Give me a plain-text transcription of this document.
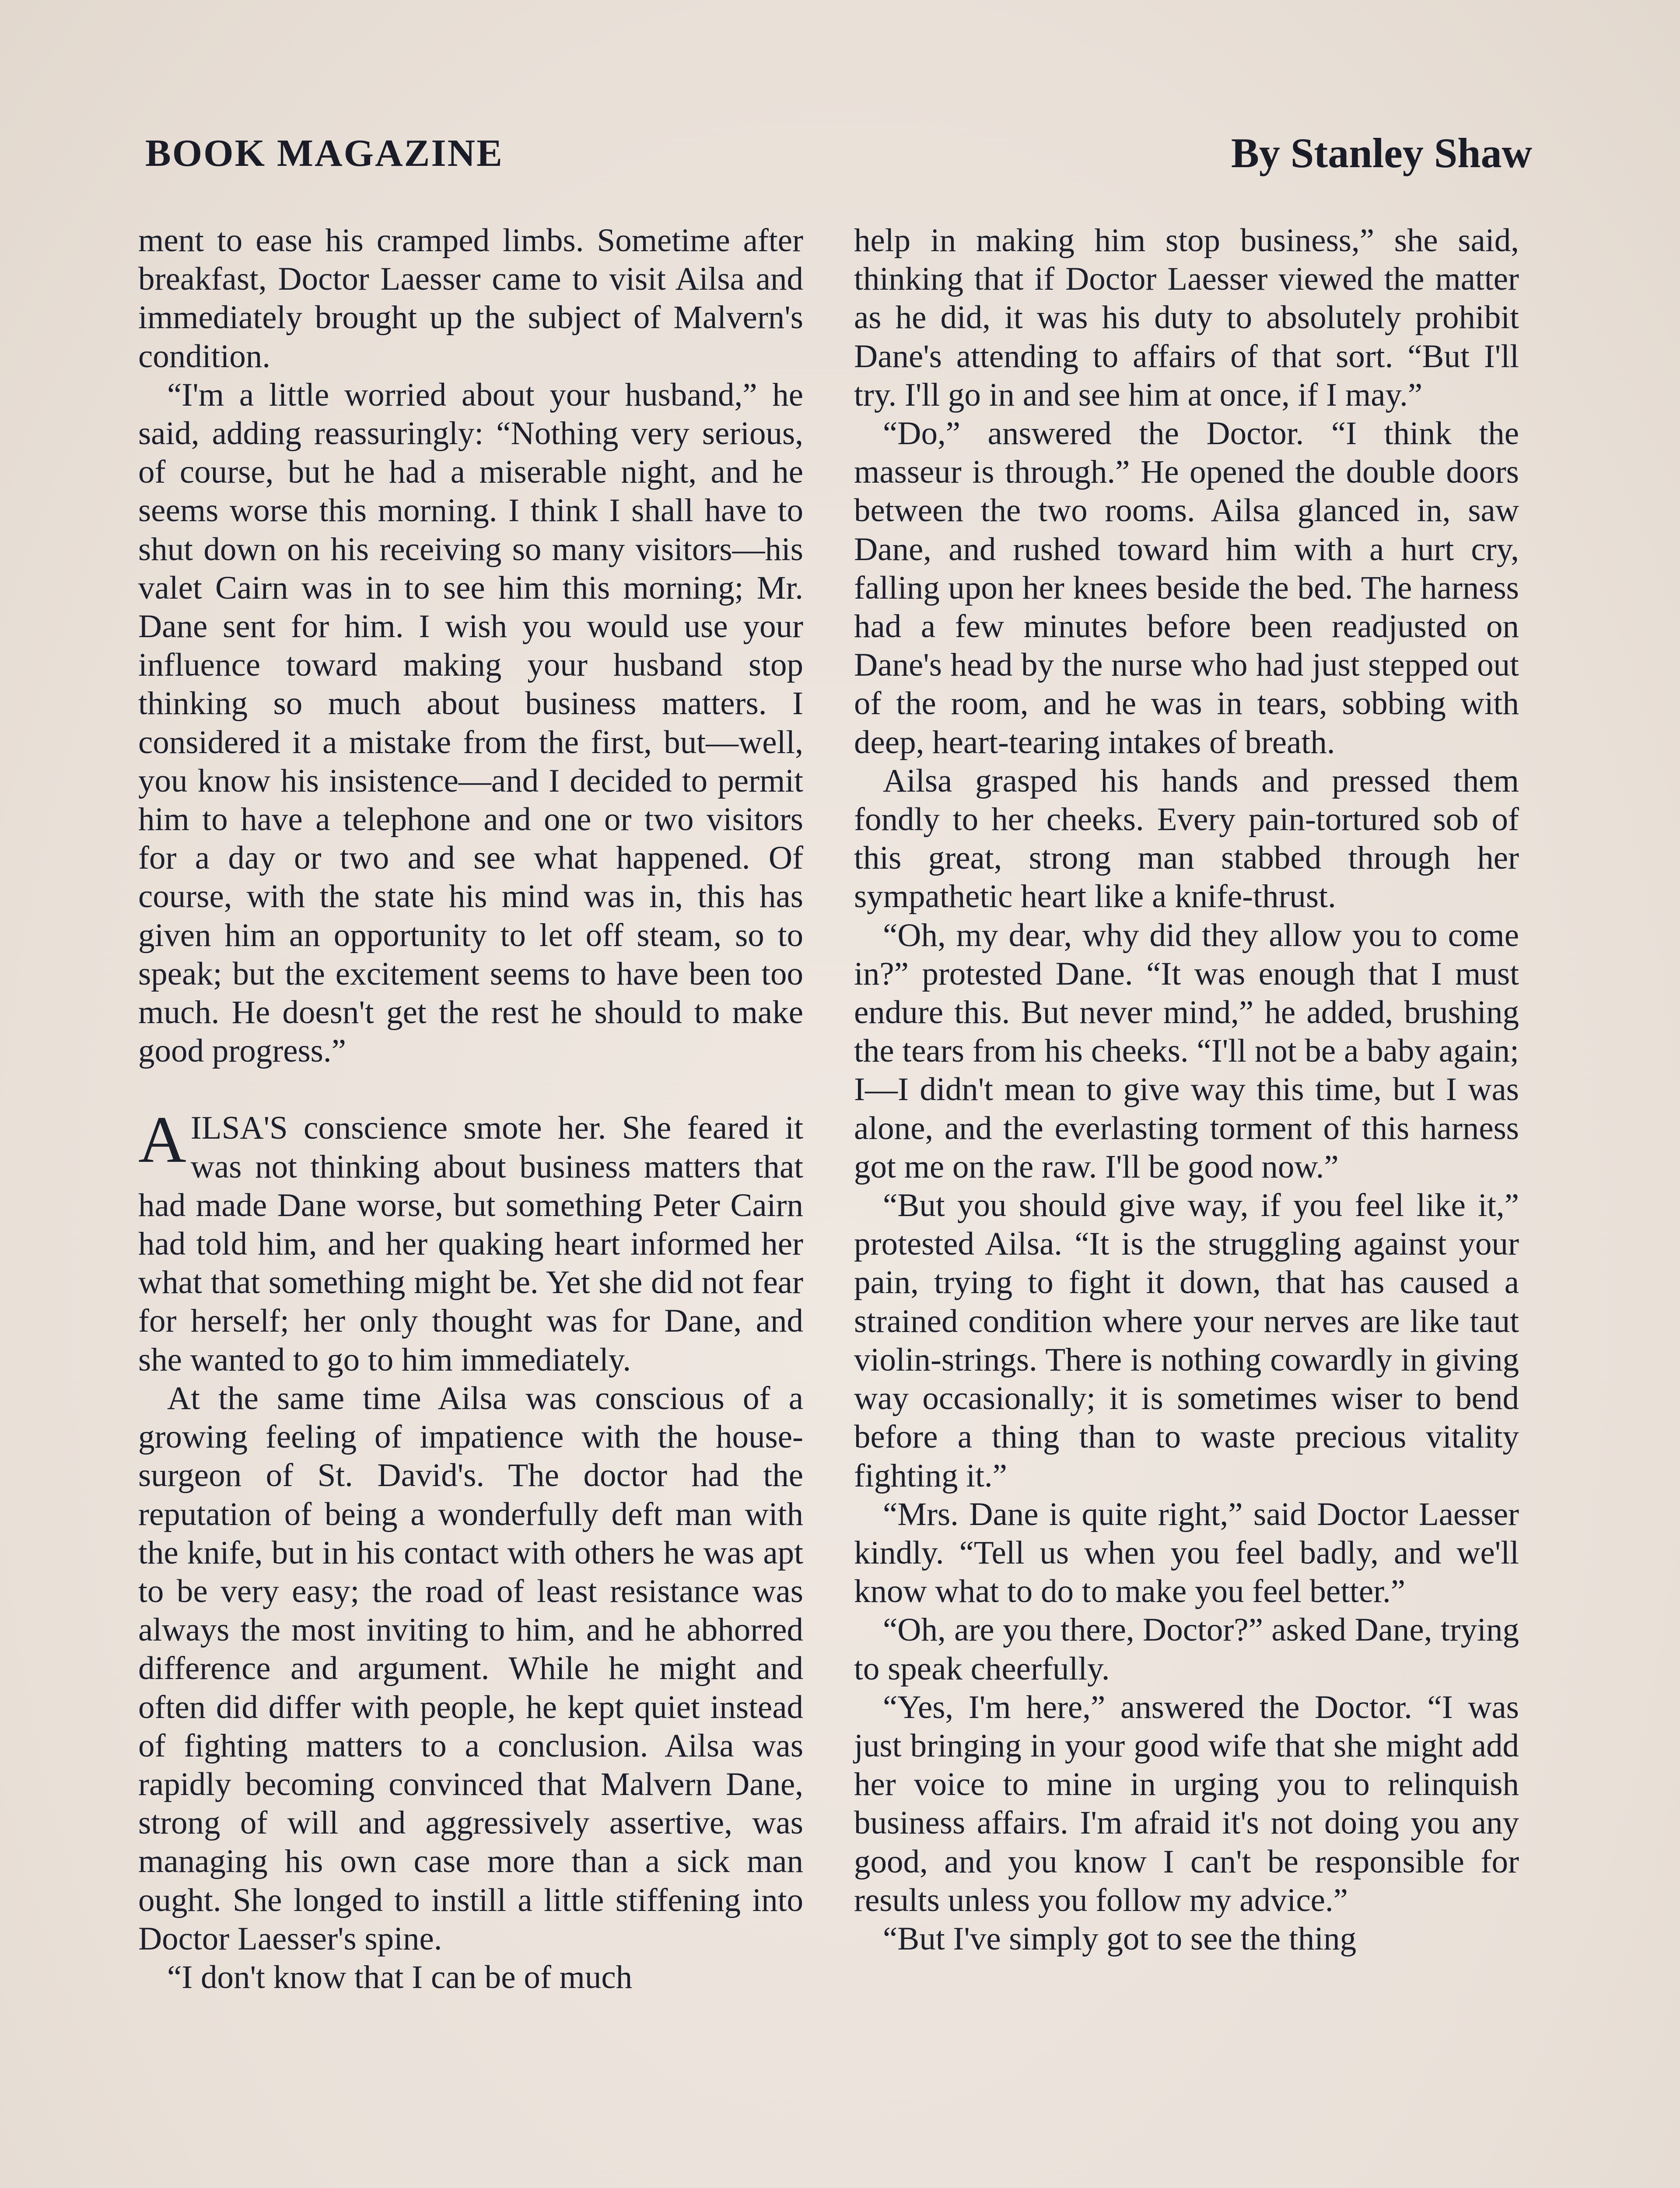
BOOK MAGAZINE	By Stanley Shaw

ment to ease his cramped limbs. Sometime after breakfast, Doctor Laesser came to visit Ailsa and immediately brought up the subject of Malvern's condition.

“I'm a little worried about your husband,” he said, adding reassuringly: “Nothing very serious, of course, but he had a miserable night, and he seems worse this morning. I think I shall have to shut down on his receiving so many visitors—his valet Cairn was in to see him this morning; Mr. Dane sent for him. I wish you would use your influence toward making your husband stop thinking so much about business matters. I considered it a mistake from the first, but—well, you know his insistence—and I decided to permit him to have a telephone and one or two visitors for a day or two and see what happened. Of course, with the state his mind was in, this has given him an opportunity to let off steam, so to speak; but the excitement seems to have been too much. He doesn't get the rest he should to make good progress.”

AILSA'S conscience smote her. She feared it was not thinking about business matters that had made Dane worse, but something Peter Cairn had told him, and her quaking heart informed her what that something might be. Yet she did not fear for herself; her only thought was for Dane, and she wanted to go to him immediately.

At the same time Ailsa was conscious of a growing feeling of impatience with the house-surgeon of St. David's. The doctor had the reputation of being a wonderfully deft man with the knife, but in his contact with others he was apt to be very easy; the road of least resistance was always the most inviting to him, and he abhorred difference and argument. While he might and often did differ with people, he kept quiet instead of fighting matters to a conclusion. Ailsa was rapidly becoming convinced that Malvern Dane, strong of will and aggressively assertive, was managing his own case more than a sick man ought. She longed to instill a little stiffening into Doctor Laesser's spine.

“I don't know that I can be of much

help in making him stop business,” she said, thinking that if Doctor Laesser viewed the matter as he did, it was his duty to absolutely prohibit Dane's attending to affairs of that sort. “But I'll try. I'll go in and see him at once, if I may.”

“Do,” answered the Doctor. “I think the masseur is through.” He opened the double doors between the two rooms. Ailsa glanced in, saw Dane, and rushed toward him with a hurt cry, falling upon her knees beside the bed. The harness had a few minutes before been readjusted on Dane's head by the nurse who had just stepped out of the room, and he was in tears, sobbing with deep, heart-tearing intakes of breath.

Ailsa grasped his hands and pressed them fondly to her cheeks. Every pain-tortured sob of this great, strong man stabbed through her sympathetic heart like a knife-thrust.

“Oh, my dear, why did they allow you to come in?” protested Dane. “It was enough that I must endure this. But never mind,” he added, brushing the tears from his cheeks. “I'll not be a baby again; I—I didn't mean to give way this time, but I was alone, and the everlasting torment of this harness got me on the raw. I'll be good now.”

“But you should give way, if you feel like it,” protested Ailsa. “It is the struggling against your pain, trying to fight it down, that has caused a strained condition where your nerves are like taut violin-strings. There is nothing cowardly in giving way occasionally; it is sometimes wiser to bend before a thing than to waste precious vitality fighting it.”

“Mrs. Dane is quite right,” said Doctor Laesser kindly. “Tell us when you feel badly, and we'll know what to do to make you feel better.”

“Oh, are you there, Doctor?” asked Dane, trying to speak cheerfully.

“Yes, I'm here,” answered the Doctor. “I was just bringing in your good wife that she might add her voice to mine in urging you to relinquish business affairs. I'm afraid it's not doing you any good, and you know I can't be responsible for results unless you follow my advice.”

“But I've simply got to see the thing
